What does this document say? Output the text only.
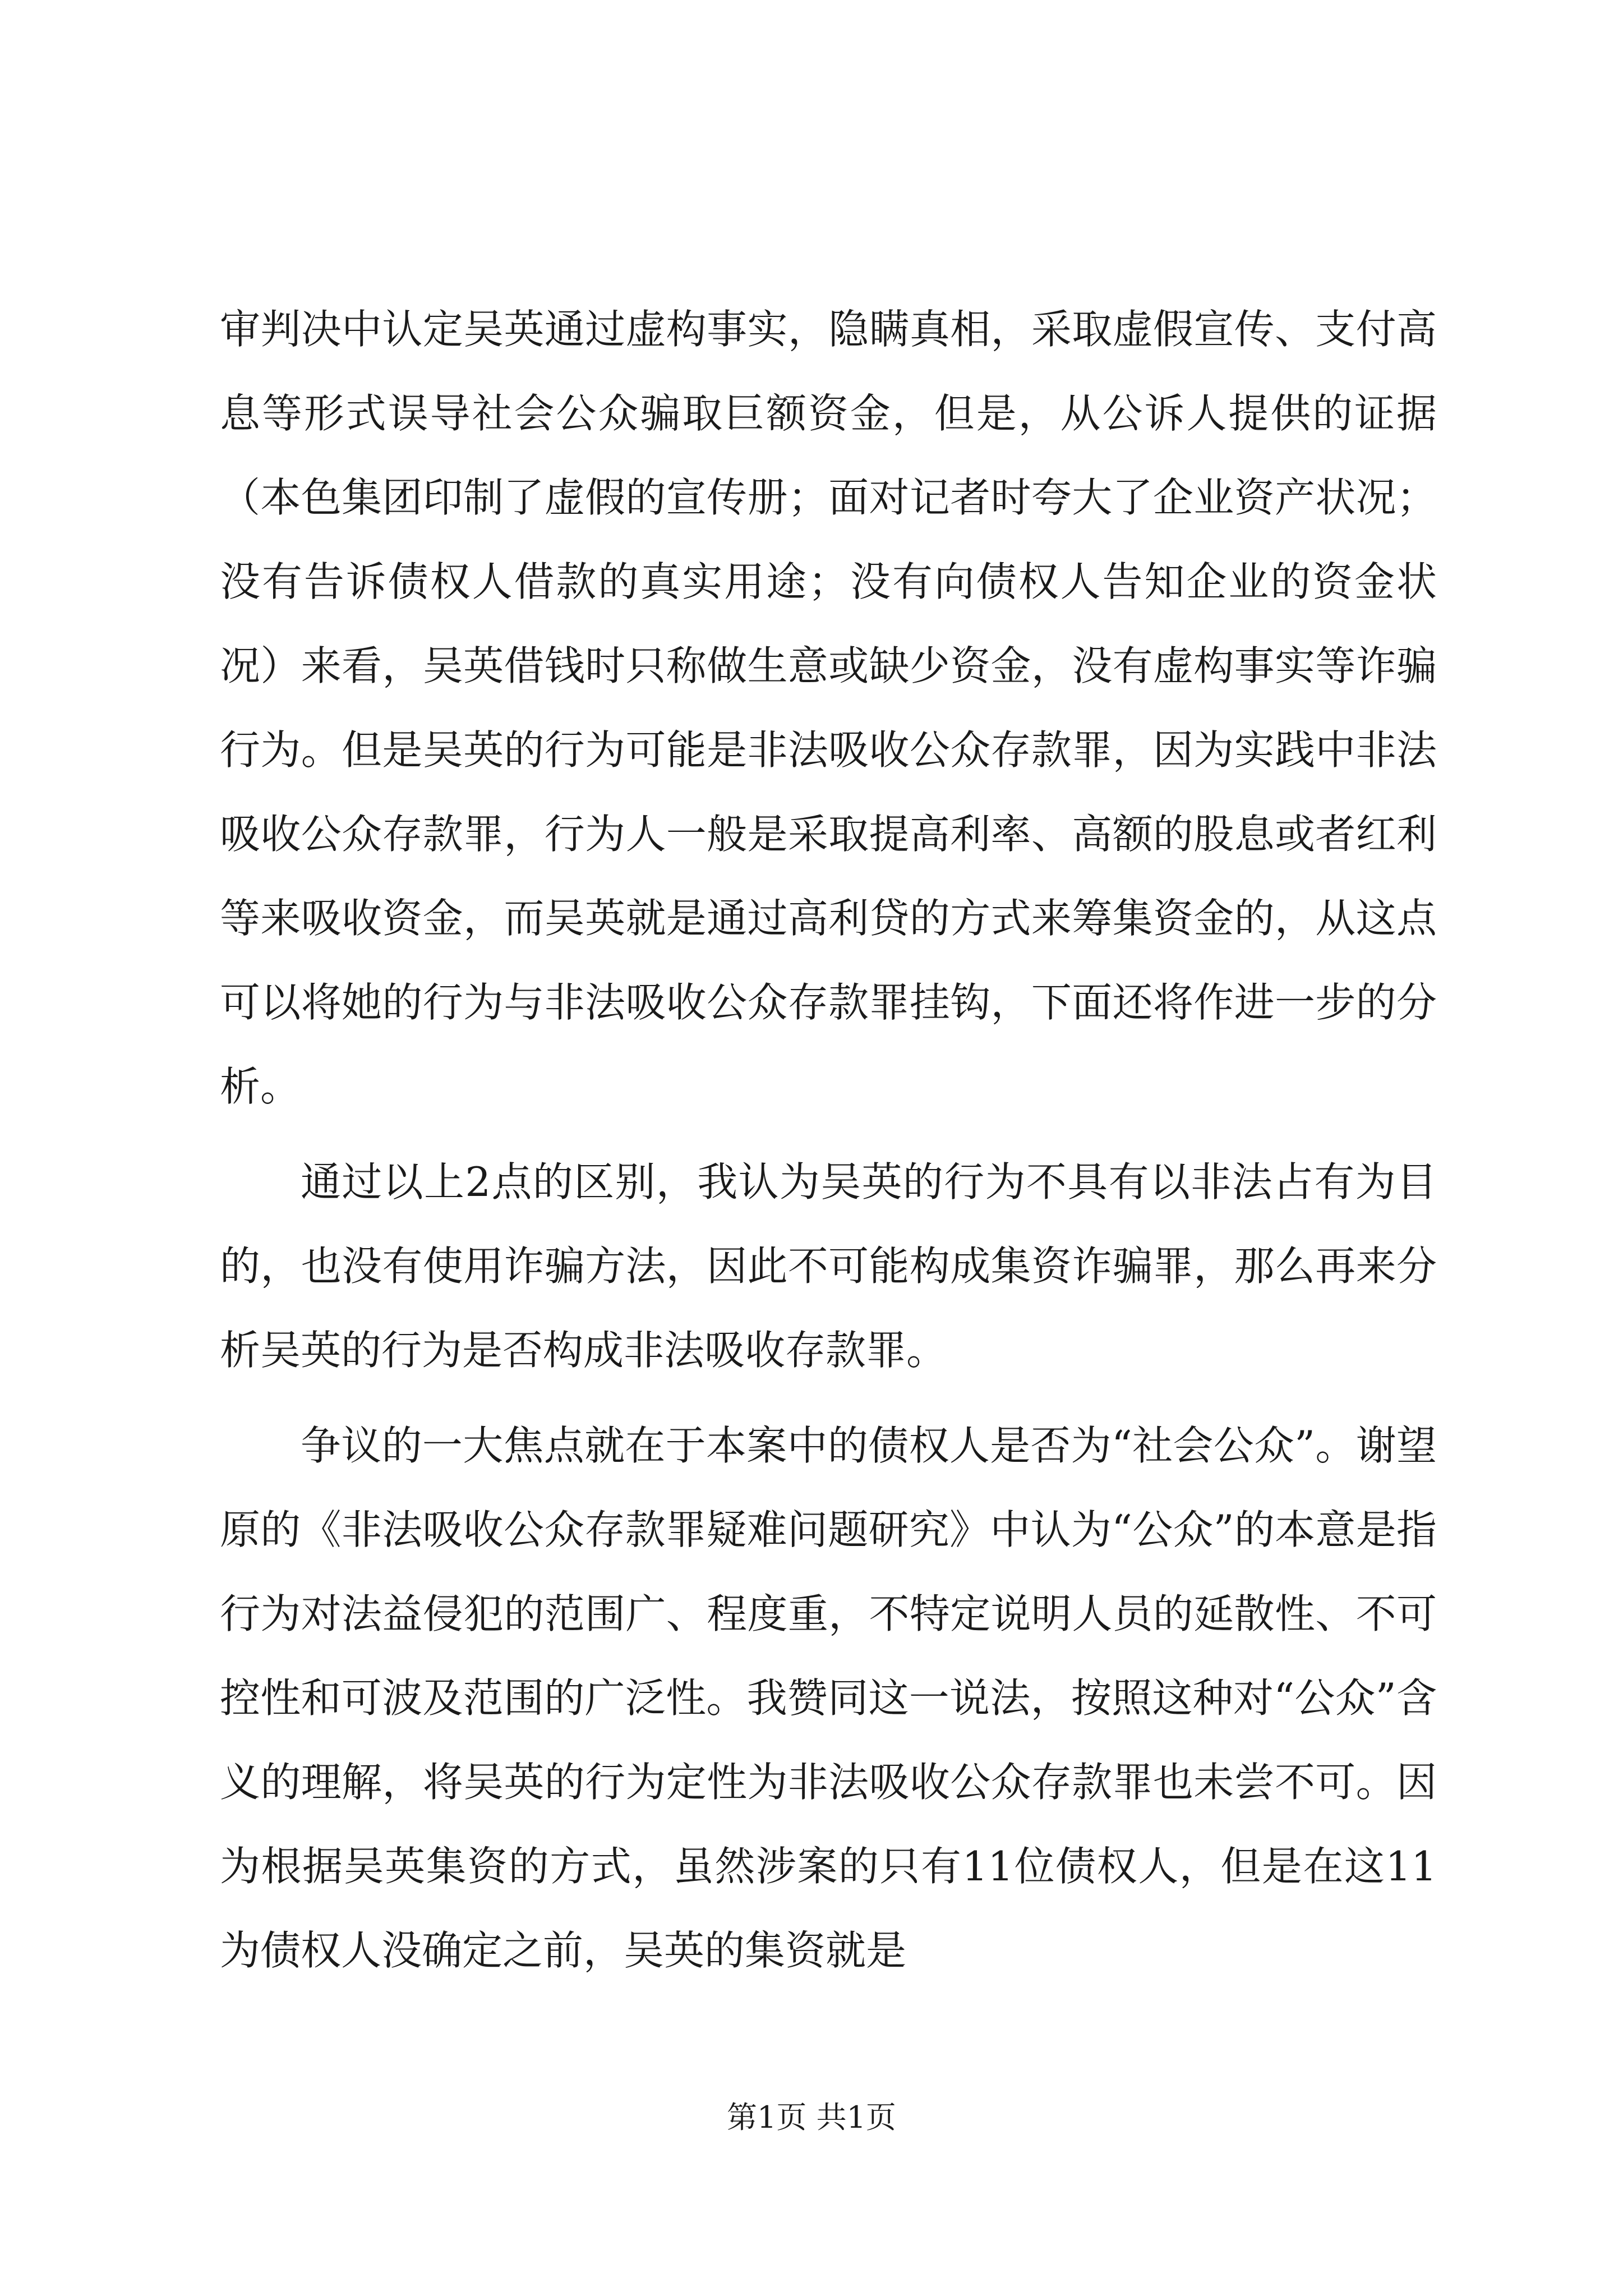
审判决中认定吴英通过虚构事实，隐瞒真相，采取虚假宣传、支付高息等形式误导社会公众骗取巨额资金，但是，从公诉人提供的证据（本色集团印制了虚假的宣传册；面对记者时夸大了企业资产状况；没有告诉债权人借款的真实用途；没有向债权人告知企业的资金状况）来看，吴英借钱时只称做生意或缺少资金，没有虚构事实等诈骗行为。但是吴英的行为可能是非法吸收公众存款罪，因为实践中非法吸收公众存款罪，行为人一般是采取提高利率、高额的股息或者红利等来吸收资金，而吴英就是通过高利贷的方式来筹集资金的，从这点可以将她的行为与非法吸收公众存款罪挂钩，下面还将作进一步的分析。

通过以上2点的区别，我认为吴英的行为不具有以非法占有为目的，也没有使用诈骗方法，因此不可能构成集资诈骗罪，那么再来分析吴英的行为是否构成非法吸收存款罪。

争议的一大焦点就在于本案中的债权人是否为“社会公众”。谢望原的《非法吸收公众存款罪疑难问题研究》中认为“公众”的本意是指行为对法益侵犯的范围广、程度重，不特定说明人员的延散性、不可控性和可波及范围的广泛性。我赞同这一说法，按照这种对“公众”含义的理解，将吴英的行为定性为非法吸收公众存款罪也未尝不可。因为根据吴英集资的方式，虽然涉案的只有11位债权人，但是在这11为债权人没确定之前，吴英的集资就是

第1页 共1页
